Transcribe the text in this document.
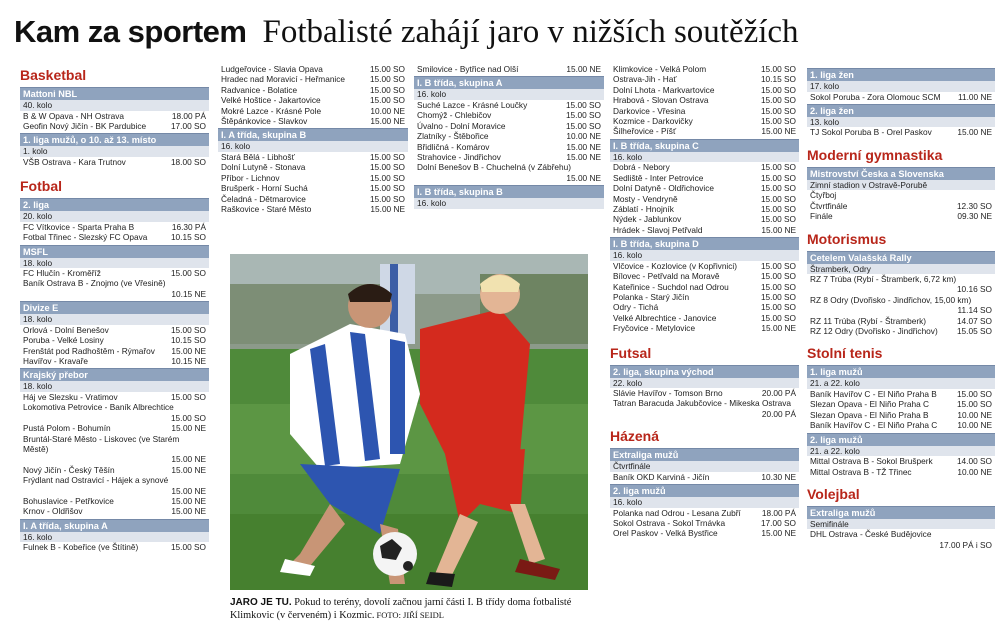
Kam za sportem Fotbalisté zahájí jaro v nižších soutěžích
Basketbal
Mattoni NBL
40. kolo
B & W Opava - NH Ostrava	18.00 PÁ
Geofin Nový Jičín - BK Pardubice	17.00 SO
1. liga mužů, o 10. až 13. místo
1. kolo
VŠB Ostrava - Kara Trutnov	18.00 SO
Fotbal
2. liga
20. kolo
FC Vítkovice - Sparta Praha B	16.30 PÁ
Fotbal Třinec - Slezský FC Opava	10.15 SO
MSFL
18. kolo
FC Hlučín - Kroměříž	15.00 SO
Baník Ostrava B - Znojmo (ve Vřesině)
10.15 NE
Divize E
18. kolo
Orlová - Dolní Benešov	15.00 SO
Poruba - Velké Losiny	10.15 SO
Frenštát pod Radhoštěm - Rýmařov	15.00 NE
Havířov - Kravaře	10.15 NE
Krajský přebor
18. kolo
Háj ve Slezsku - Vratimov	15.00 SO
Lokomotiva Petrovice - Baník Albrechtice
15.00 SO
Pustá Polom - Bohumín	15.00 NE
Bruntál-Staré Město - Liskovec (ve Starém Městě)
15.00 NE
Nový Jičín - Český Těšín	15.00 NE
Frýdlant nad Ostravicí - Hájek a synové
15.00 NE
Bohuslavice - Petřkovice	15.00 NE
Krnov - Oldřišov	15.00 NE
I. A třída, skupina A
16. kolo
Fulnek B - Kobeřice (ve Štítině)	15.00 SO
Ludgeřovice - Slavia Opava	15.00 SO
Hradec nad Moravicí - Heřmanice	15.00 SO
Radvanice - Bolatice	15.00 SO
Velké Hoštice - Jakartovice	15.00 SO
Mokré Lazce - Krásné Pole	10.00 NE
Štěpánkovice - Slavkov	15.00 NE
I. A třída, skupina B
16. kolo
Stará Bělá - Libhošť	15.00 SO
Dolní Lutyně - Stonava	15.00 SO
Příbor - Lichnov	15.00 SO
Brušperk - Horní Suchá	15.00 SO
Čeladná - Dětmarovice	15.00 SO
Raškovice - Staré Město	15.00 NE
Smilovice - Bytřice nad Olší	15.00 NE
I. B třída, skupina A
16. kolo
Suché Lazce - Krásné Loučky	15.00 SO
Chomýž - Chlebičov	15.00 SO
Úvalno - Dolní Moravice	15.00 SO
Zlatníky - Štěbořice	10.00 NE
Břidličná - Komárov	15.00 NE
Strahovice - Jindřichov	15.00 NE
Dolní Benešov B - Chuchelná (v Zábřehu)
15.00 NE
I. B třída, skupina B
16. kolo
Klimkovice - Velká Polom	15.00 SO
Ostrava-Jih - Hať	10.15 SO
Dolní Lhota - Markvartovice	15.00 SO
Hrabová - Slovan Ostrava	15.00 SO
Darkovice - Vřesina	15.00 SO
Kozmice - Darkovičky	15.00 SO
Šilheřovice - Píšť	15.00 NE
I. B třída, skupina C
16. kolo
Dobrá - Nebory	15.00 SO
Sedliště - Inter Petrovice	15.00 SO
Dolní Datyně - Oldřichovice	15.00 SO
Mosty - Vendryně	15.00 SO
Záblatí - Hnojník	15.00 SO
Nýdek - Jablunkov	15.00 SO
Hrádek - Slavoj Petřvald	15.00 NE
I. B třída, skupina D
16. kolo
Vlčovice - Kozlovice (v Kopřivnici)	15.00 SO
Bílovec - Petřvald na Moravě	15.00 SO
Kateřinice - Suchdol nad Odrou	15.00 SO
Polanka - Starý Jičín	15.00 SO
Odry - Tichá	15.00 SO
Velké Albrechtice - Janovice	15.00 SO
Fryčovice - Metylovice	15.00 NE
Futsal
2. liga, skupina východ
22. kolo
Slávie Havířov - Tomson Brno	20.00 PÁ
Tatran Baracuda Jakubčovice - Mikeska Ostrava
20.00 PÁ
Házená
Extraliga mužů
Čtvrtfinále
Baník OKD Karviná - Jičín	10.30 NE
2. liga mužů
16. kolo
Polanka nad Odrou - Lesana Zubří	18.00 PÁ
Sokol Ostrava - Sokol Trnávka	17.00 SO
Orel Paskov - Velká Bystřice	15.00 NE
1. liga žen
17. kolo
Sokol Poruba - Zora Olomouc SCM	11.00 NE
2. liga žen
13. kolo
TJ Sokol Poruba B - Orel Paskov	15.00 NE
Moderní gymnastika
Mistrovství Česka a Slovenska
Zimní stadion v Ostravě-Porubě
Čtyřboj
Čtvrtfinále	12.30 SO
Finále	09.30 NE
Motorismus
Cetelem Valašská Rally
Štramberk, Odry
RZ 7 Trúba (Rybí - Štramberk, 6,72 km)
10.16 SO
RZ 8 Odry (Dvořisko - Jindřichov, 15,00 km)
11.14 SO
RZ 11 Trúba (Rybí - Štramberk)	14.07 SO
RZ 12 Odry (Dvořisko - Jindřichov)	15.05 SO
Stolní tenis
1. liga mužů
21. a 22. kolo
Baník Havířov C - El Niño Praha B	15.00 SO
Slezan Opava - El Niño Praha C	15.00 SO
Slezan Opava - El Niño Praha B	10.00 NE
Baník Havířov C - El Niño Praha C	10.00 NE
2. liga mužů
21. a 22. kolo
Mittal Ostrava B - Sokol Brušperk	14.00 SO
Mittal Ostrava B - TŽ Třinec	10.00 NE
Volejbal
Extraliga mužů
Semifinále
DHL Ostrava - České Budějovice
17.00 PÁ i SO
JARO JE TU. Pokud to terény, dovolí začnou jarní části I. B třídy doma fotbalisté Klimkovic (v červeném) i Kozmic. FOTO: JIŘÍ SEIDL
